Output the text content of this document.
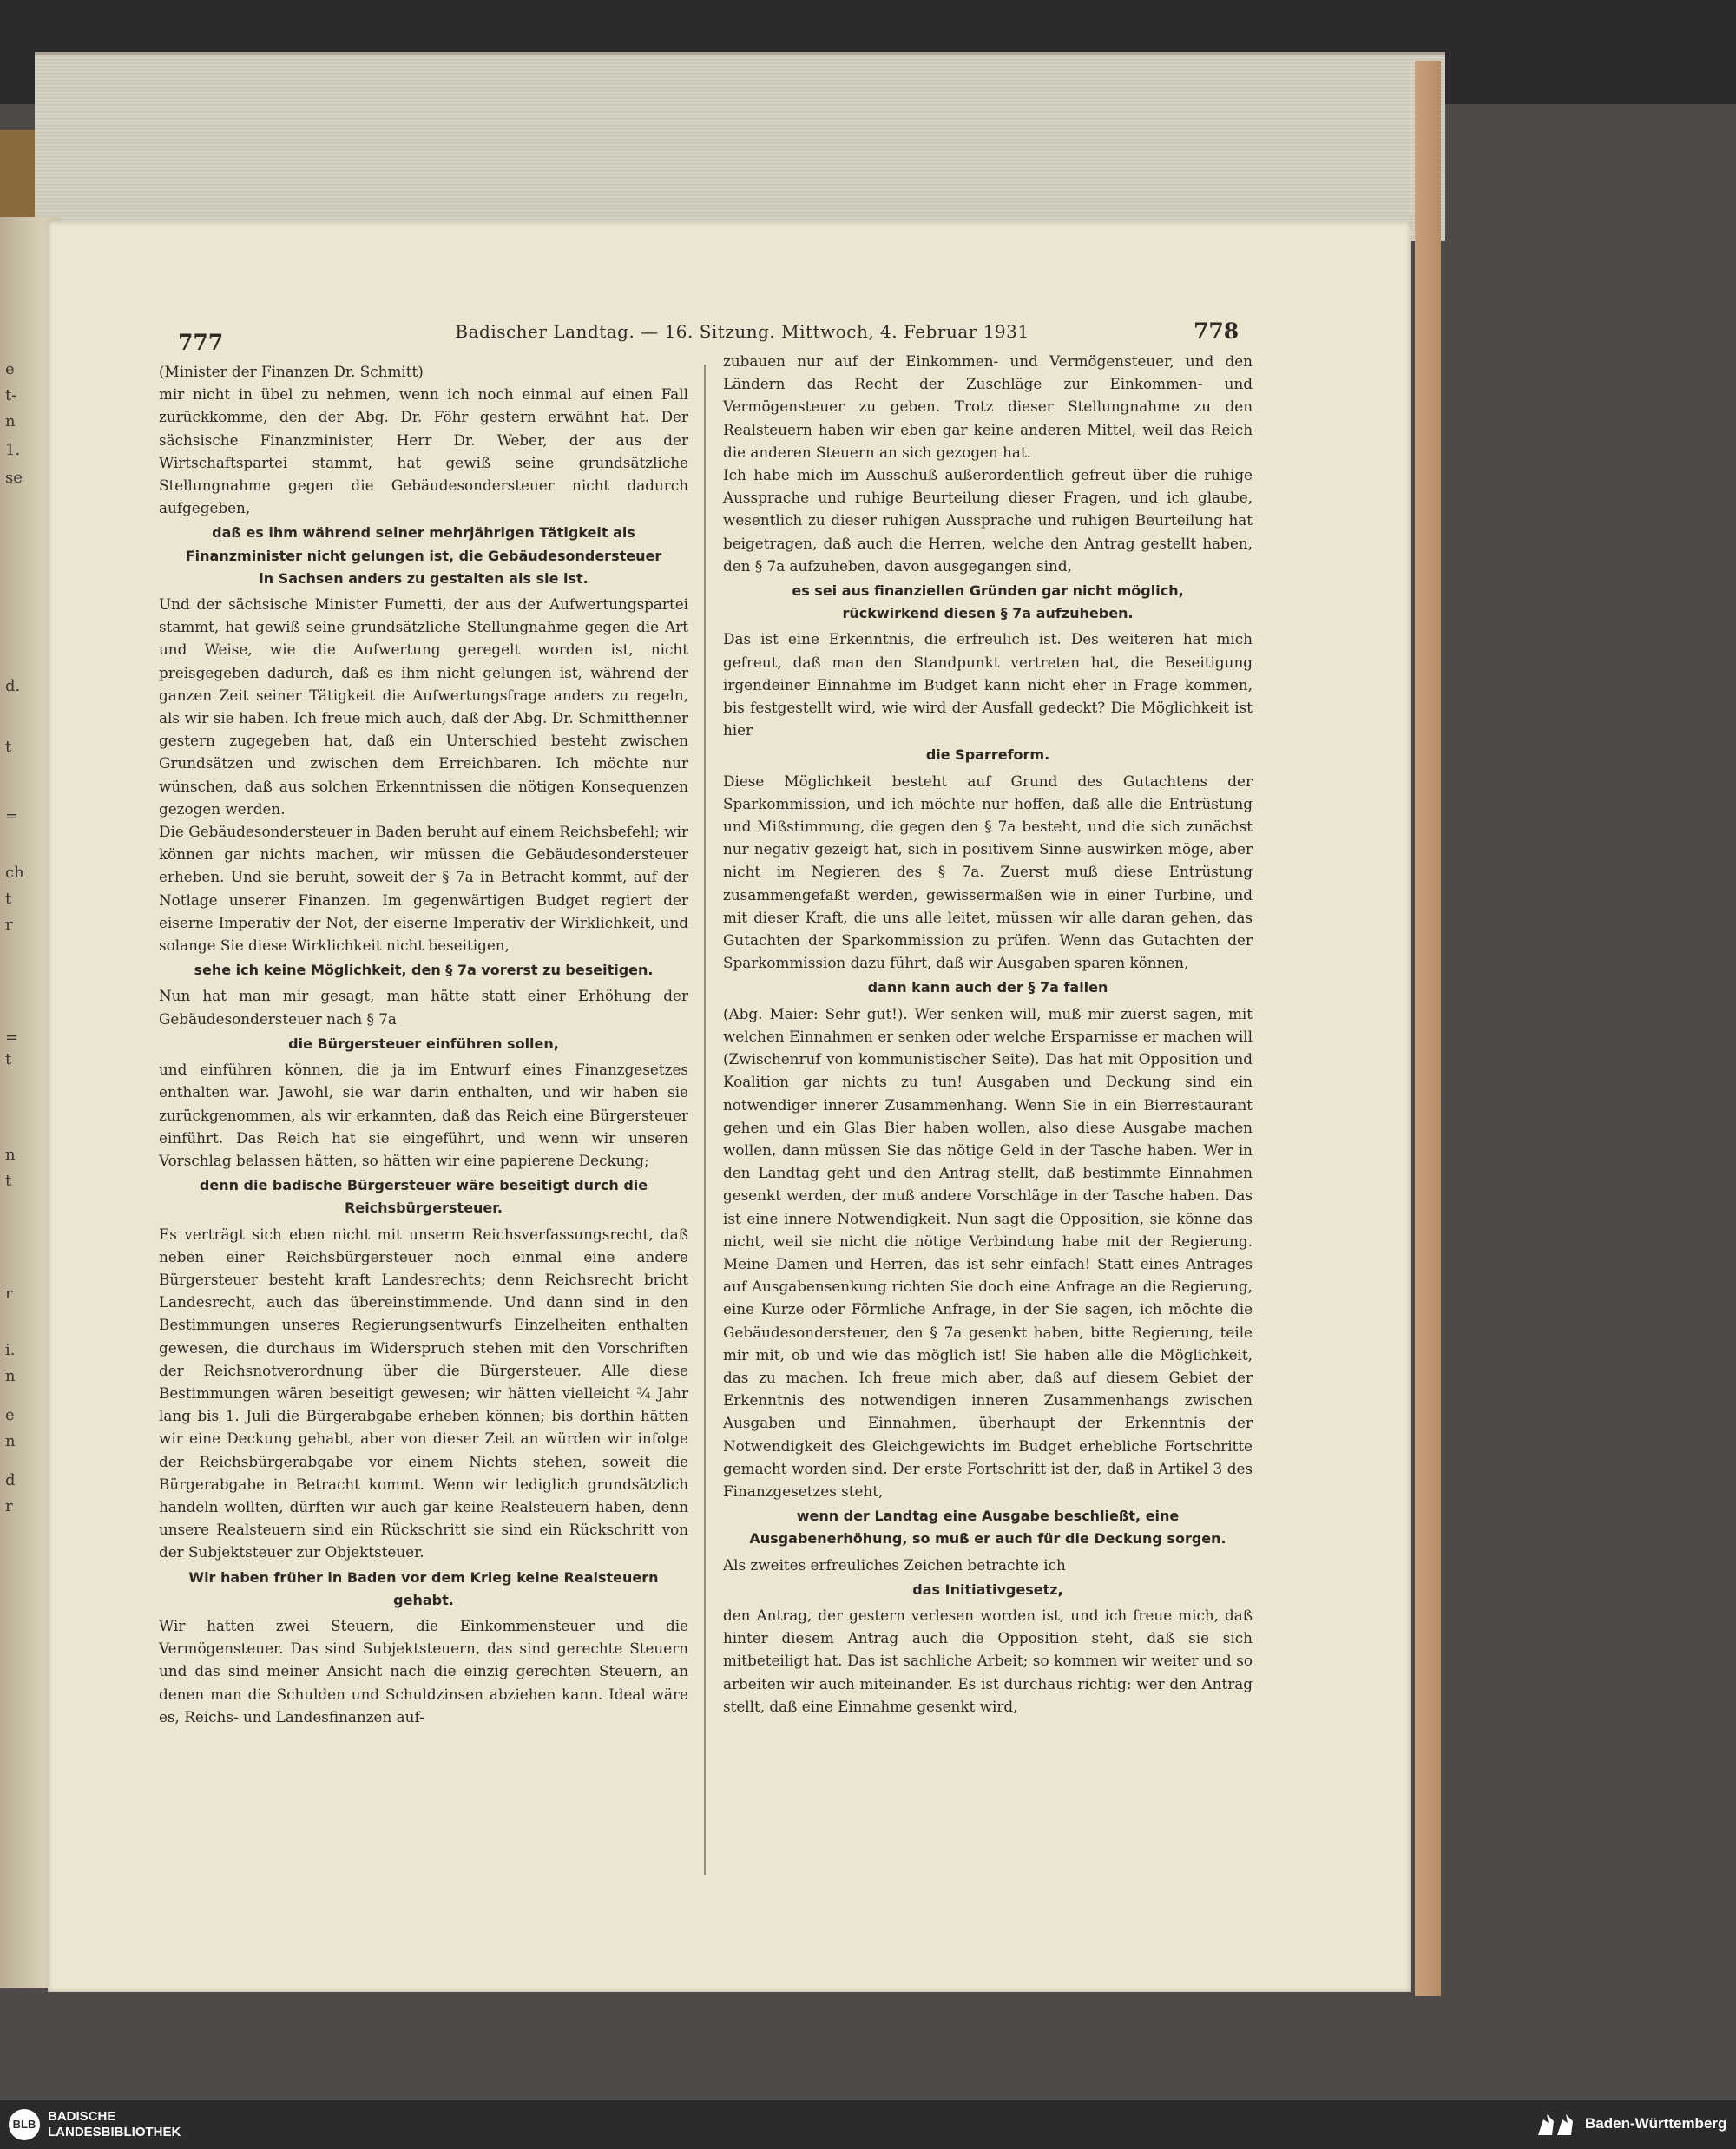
e
t-
n
1.
se
d.
t
=
ch
t
r
=
t
n
t
r
i.
n
e
n
d
r
777	Badischer Landtag. — 16. Sitzung. Mittwoch, 4. Februar 1931	778

(Minister der Finanzen Dr. Schmitt)

mir nicht in übel zu nehmen, wenn ich noch einmal auf einen Fall zurückkomme, den der Abg. Dr. Föhr gestern erwähnt hat. Der sächsische Finanzminister, Herr Dr. Weber, der aus der Wirtschaftspartei stammt, hat gewiß seine grundsätzliche Stellungnahme gegen die Gebäudesondersteuer nicht dadurch aufgegeben,

daß es ihm während seiner mehrjährigen Tätigkeit als Finanzminister nicht gelungen ist, die Gebäudesondersteuer in Sachsen anders zu gestalten als sie ist.

Und der sächsische Minister Fumetti, der aus der Aufwertungspartei stammt, hat gewiß seine grundsätzliche Stellungnahme gegen die Art und Weise, wie die Aufwertung geregelt worden ist, nicht preisgegeben dadurch, daß es ihm nicht gelungen ist, während der ganzen Zeit seiner Tätigkeit die Aufwertungsfrage anders zu regeln, als wir sie haben. Ich freue mich auch, daß der Abg. Dr. Schmitthenner gestern zugegeben hat, daß ein Unterschied besteht zwischen Grundsätzen und zwischen dem Erreichbaren. Ich möchte nur wünschen, daß aus solchen Erkenntnissen die nötigen Konsequenzen gezogen werden.

Die Gebäudesondersteuer in Baden beruht auf einem Reichsbefehl; wir können gar nichts machen, wir müssen die Gebäudesondersteuer erheben. Und sie beruht, soweit der § 7a in Betracht kommt, auf der Notlage unserer Finanzen. Im gegenwärtigen Budget regiert der eiserne Imperativ der Not, der eiserne Imperativ der Wirklichkeit, und solange Sie diese Wirklichkeit nicht beseitigen,

sehe ich keine Möglichkeit, den § 7a vorerst zu beseitigen.

Nun hat man mir gesagt, man hätte statt einer Erhöhung der Gebäudesondersteuer nach § 7a

die Bürgersteuer einführen sollen,

und einführen können, die ja im Entwurf eines Finanzgesetzes enthalten war. Jawohl, sie war darin enthalten, und wir haben sie zurückgenommen, als wir erkannten, daß das Reich eine Bürgersteuer einführt. Das Reich hat sie eingeführt, und wenn wir unseren Vorschlag belassen hätten, so hätten wir eine papierene Deckung;

denn die badische Bürgersteuer wäre beseitigt durch die Reichsbürgersteuer.

Es verträgt sich eben nicht mit unserm Reichsverfassungsrecht, daß neben einer Reichsbürgersteuer noch einmal eine andere Bürgersteuer besteht kraft Landesrechts; denn Reichsrecht bricht Landesrecht, auch das übereinstimmende. Und dann sind in den Bestimmungen unseres Regierungsentwurfs Einzelheiten enthalten gewesen, die durchaus im Widerspruch stehen mit den Vorschriften der Reichsnotverordnung über die Bürgersteuer. Alle diese Bestimmungen wären beseitigt gewesen; wir hätten vielleicht ¾ Jahr lang bis 1. Juli die Bürgerabgabe erheben können; bis dorthin hätten wir eine Deckung gehabt, aber von dieser Zeit an würden wir infolge der Reichsbürgerabgabe vor einem Nichts stehen, soweit die Bürgerabgabe in Betracht kommt. Wenn wir lediglich grundsätzlich handeln wollten, dürften wir auch gar keine Realsteuern haben, denn unsere Realsteuern sind ein Rückschritt sie sind ein Rückschritt von der Subjektsteuer zur Objektsteuer.

Wir haben früher in Baden vor dem Krieg keine Realsteuern gehabt.

Wir hatten zwei Steuern, die Einkommensteuer und die Vermögensteuer. Das sind Subjektsteuern, das sind gerechte Steuern und das sind meiner Ansicht nach die einzig gerechten Steuern, an denen man die Schulden und Schuldzinsen abziehen kann. Ideal wäre es, Reichs- und Landesfinanzen auf-

zubauen nur auf der Einkommen- und Vermögensteuer, und den Ländern das Recht der Zuschläge zur Einkommen- und Vermögensteuer zu geben. Trotz dieser Stellungnahme zu den Realsteuern haben wir eben gar keine anderen Mittel, weil das Reich die anderen Steuern an sich gezogen hat.

Ich habe mich im Ausschuß außerordentlich gefreut über die ruhige Aussprache und ruhige Beurteilung dieser Fragen, und ich glaube, wesentlich zu dieser ruhigen Aussprache und ruhigen Beurteilung hat beigetragen, daß auch die Herren, welche den Antrag gestellt haben, den § 7a aufzuheben, davon ausgegangen sind,

es sei aus finanziellen Gründen gar nicht möglich, rückwirkend diesen § 7a aufzuheben.

Das ist eine Erkenntnis, die erfreulich ist. Des weiteren hat mich gefreut, daß man den Standpunkt vertreten hat, die Beseitigung irgendeiner Einnahme im Budget kann nicht eher in Frage kommen, bis festgestellt wird, wie wird der Ausfall gedeckt? Die Möglichkeit ist hier

die Sparreform.

Diese Möglichkeit besteht auf Grund des Gutachtens der Sparkommission, und ich möchte nur hoffen, daß alle die Entrüstung und Mißstimmung, die gegen den § 7a besteht, und die sich zunächst nur negativ gezeigt hat, sich in positivem Sinne auswirken möge, aber nicht im Negieren des § 7a. Zuerst muß diese Entrüstung zusammengefaßt werden, gewissermaßen wie in einer Turbine, und mit dieser Kraft, die uns alle leitet, müssen wir alle daran gehen, das Gutachten der Sparkommission zu prüfen. Wenn das Gutachten der Sparkommission dazu führt, daß wir Ausgaben sparen können,

dann kann auch der § 7a fallen

(Abg. Maier: Sehr gut!). Wer senken will, muß mir zuerst sagen, mit welchen Einnahmen er senken oder welche Ersparnisse er machen will (Zwischenruf von kommunistischer Seite). Das hat mit Opposition und Koalition gar nichts zu tun! Ausgaben und Deckung sind ein notwendiger innerer Zusammenhang. Wenn Sie in ein Bierrestaurant gehen und ein Glas Bier haben wollen, also diese Ausgabe machen wollen, dann müssen Sie das nötige Geld in der Tasche haben. Wer in den Landtag geht und den Antrag stellt, daß bestimmte Einnahmen gesenkt werden, der muß andere Vorschläge in der Tasche haben. Das ist eine innere Notwendigkeit. Nun sagt die Opposition, sie könne das nicht, weil sie nicht die nötige Verbindung habe mit der Regierung. Meine Damen und Herren, das ist sehr einfach! Statt eines Antrages auf Ausgabensenkung richten Sie doch eine Anfrage an die Regierung, eine Kurze oder Förmliche Anfrage, in der Sie sagen, ich möchte die Gebäudesondersteuer, den § 7a gesenkt haben, bitte Regierung, teile mir mit, ob und wie das möglich ist! Sie haben alle die Möglichkeit, das zu machen. Ich freue mich aber, daß auf diesem Gebiet der Erkenntnis des notwendigen inneren Zusammenhangs zwischen Ausgaben und Einnahmen, überhaupt der Erkenntnis der Notwendigkeit des Gleichgewichts im Budget erhebliche Fortschritte gemacht worden sind. Der erste Fortschritt ist der, daß in Artikel 3 des Finanzgesetzes steht,

wenn der Landtag eine Ausgabe beschließt, eine Ausgabenerhöhung, so muß er auch für die Deckung sorgen.

Als zweites erfreuliches Zeichen betrachte ich

das Initiativgesetz,

den Antrag, der gestern verlesen worden ist, und ich freue mich, daß hinter diesem Antrag auch die Opposition steht, daß sie sich mitbeteiligt hat. Das ist sachliche Arbeit; so kommen wir weiter und so arbeiten wir auch miteinander. Es ist durchaus richtig: wer den Antrag stellt, daß eine Einnahme gesenkt wird,

BLB
BADISCHE
LANDESBIBLIOTHEK
Baden-Württemberg
